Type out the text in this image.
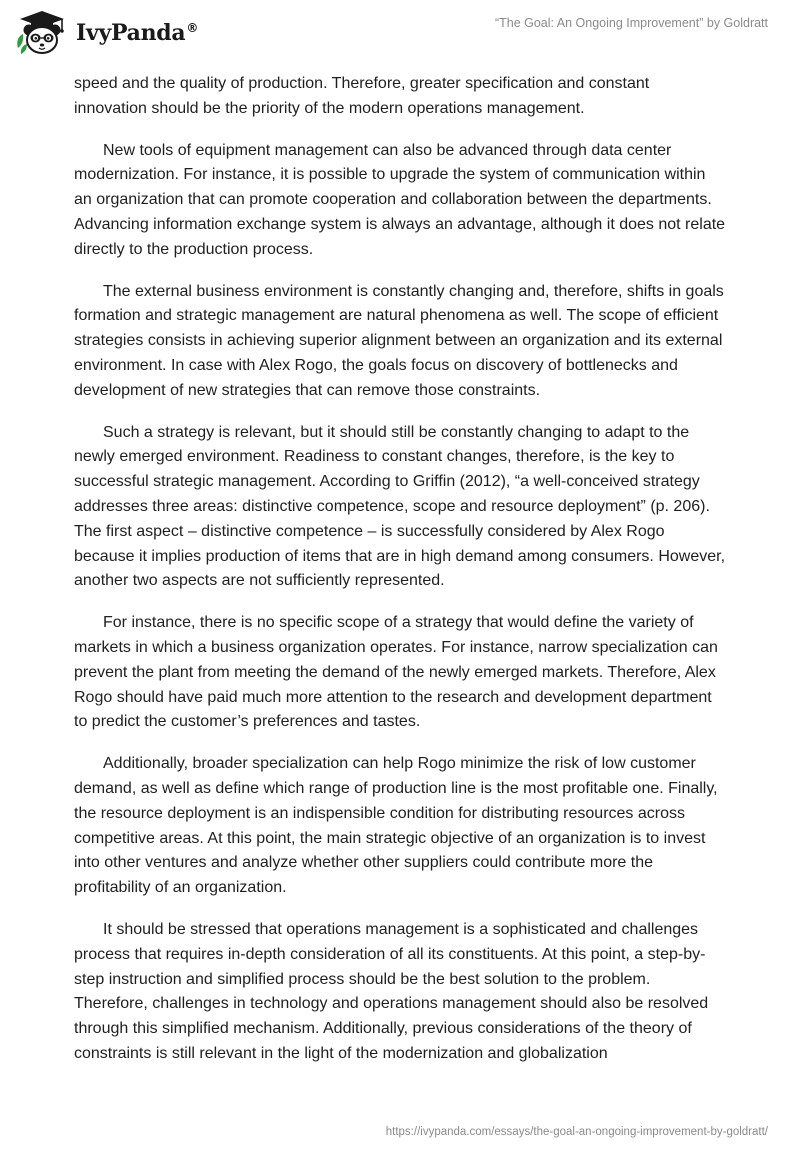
IvyPanda®	“The Goal: An Ongoing Improvement” by Goldratt

speed and the quality of production. Therefore, greater specification and constant innovation should be the priority of the modern operations management.

New tools of equipment management can also be advanced through data center modernization. For instance, it is possible to upgrade the system of communication within an organization that can promote cooperation and collaboration between the departments. Advancing information exchange system is always an advantage, although it does not relate directly to the production process.

The external business environment is constantly changing and, therefore, shifts in goals formation and strategic management are natural phenomena as well. The scope of efficient strategies consists in achieving superior alignment between an organization and its external environment. In case with Alex Rogo, the goals focus on discovery of bottlenecks and development of new strategies that can remove those constraints.

Such a strategy is relevant, but it should still be constantly changing to adapt to the newly emerged environment. Readiness to constant changes, therefore, is the key to successful strategic management. According to Griffin (2012), “a well-conceived strategy addresses three areas: distinctive competence, scope and resource deployment” (p. 206). The first aspect – distinctive competence – is successfully considered by Alex Rogo because it implies production of items that are in high demand among consumers. However, another two aspects are not sufficiently represented.

For instance, there is no specific scope of a strategy that would define the variety of markets in which a business organization operates. For instance, narrow specialization can prevent the plant from meeting the demand of the newly emerged markets. Therefore, Alex Rogo should have paid much more attention to the research and development department to predict the customer’s preferences and tastes.

Additionally, broader specialization can help Rogo minimize the risk of low customer demand, as well as define which range of production line is the most profitable one. Finally, the resource deployment is an indispensible condition for distributing resources across competitive areas. At this point, the main strategic objective of an organization is to invest into other ventures and analyze whether other suppliers could contribute more the profitability of an organization.

It should be stressed that operations management is a sophisticated and challenges process that requires in-depth consideration of all its constituents. At this point, a step-by-step instruction and simplified process should be the best solution to the problem. Therefore, challenges in technology and operations management should also be resolved through this simplified mechanism. Additionally, previous considerations of the theory of constraints is still relevant in the light of the modernization and globalization

https://ivypanda.com/essays/the-goal-an-ongoing-improvement-by-goldratt/
